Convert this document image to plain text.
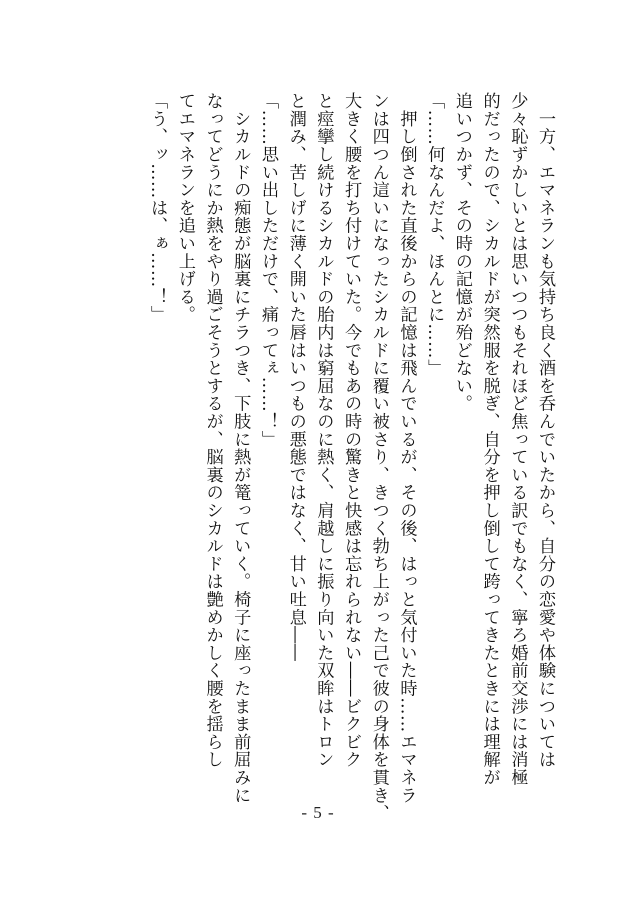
　一方、エマネランも気持ち良く酒を呑んでいたから、自分の恋愛や体験については
少々恥ずかしいとは思いつつもそれほど焦っている訳でもなく、寧ろ婚前交渉には消極
的だったので、シカルドが突然服を脱ぎ、自分を押し倒して跨ってきたときには理解が
追いつかず、その時の記憶が殆どない。
「……何なんだよ、ほんとに……」
　押し倒された直後からの記憶は飛んでいるが、その後、はっと気付いた時……エマネラ
ンは四つん這いになったシカルドに覆い被さり、きつく勃ち上がった己で彼の身体を貫き、
大きく腰を打ち付けていた。今でもあの時の驚きと快感は忘れられない――ビクビク
と痙攣し続けるシカルドの胎内は窮屈なのに熱く、肩越しに振り向いた双眸はトロン
と潤み、苦しげに薄く開いた唇はいつもの悪態ではなく、甘い吐息――
「……思い出しただけで、痛ってぇ……！」
　シカルドの痴態が脳裏にチラつき、下肢に熱が篭っていく。椅子に座ったまま前屈みに
なってどうにか熱をやり過ごそうとするが、脳裏のシカルドは艶めかしく腰を揺らし
てエマネランを追い上げる。
「う、ッ……は、ぁ……！」
- 5 -
